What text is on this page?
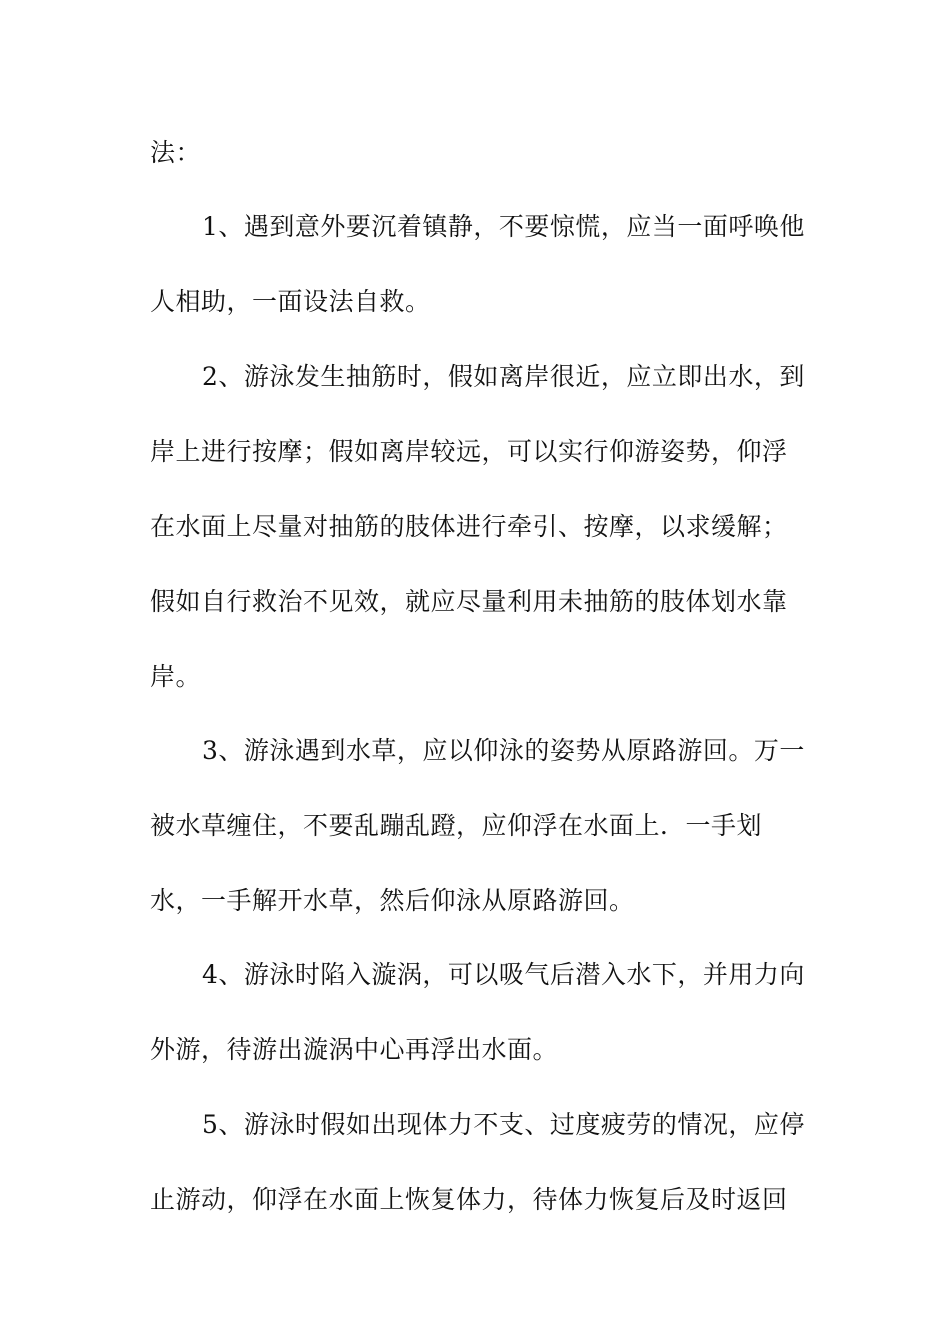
法：
1、遇到意外要沉着镇静，不要惊慌，应当一面呼唤他
人相助，一面设法自救。
2、游泳发生抽筋时，假如离岸很近，应立即出水，到
岸上进行按摩；假如离岸较远，可以实行仰游姿势，仰浮
在水面上尽量对抽筋的肢体进行牵引、按摩，以求缓解；
假如自行救治不见效，就应尽量利用未抽筋的肢体划水靠
岸。
3、游泳遇到水草，应以仰泳的姿势从原路游回。万一
被水草缠住，不要乱蹦乱蹬，应仰浮在水面上．一手划
水，一手解开水草，然后仰泳从原路游回。
4、游泳时陷入漩涡，可以吸气后潜入水下，并用力向
外游，待游出漩涡中心再浮出水面。
5、游泳时假如出现体力不支、过度疲劳的情况，应停
止游动，仰浮在水面上恢复体力，待体力恢复后及时返回
